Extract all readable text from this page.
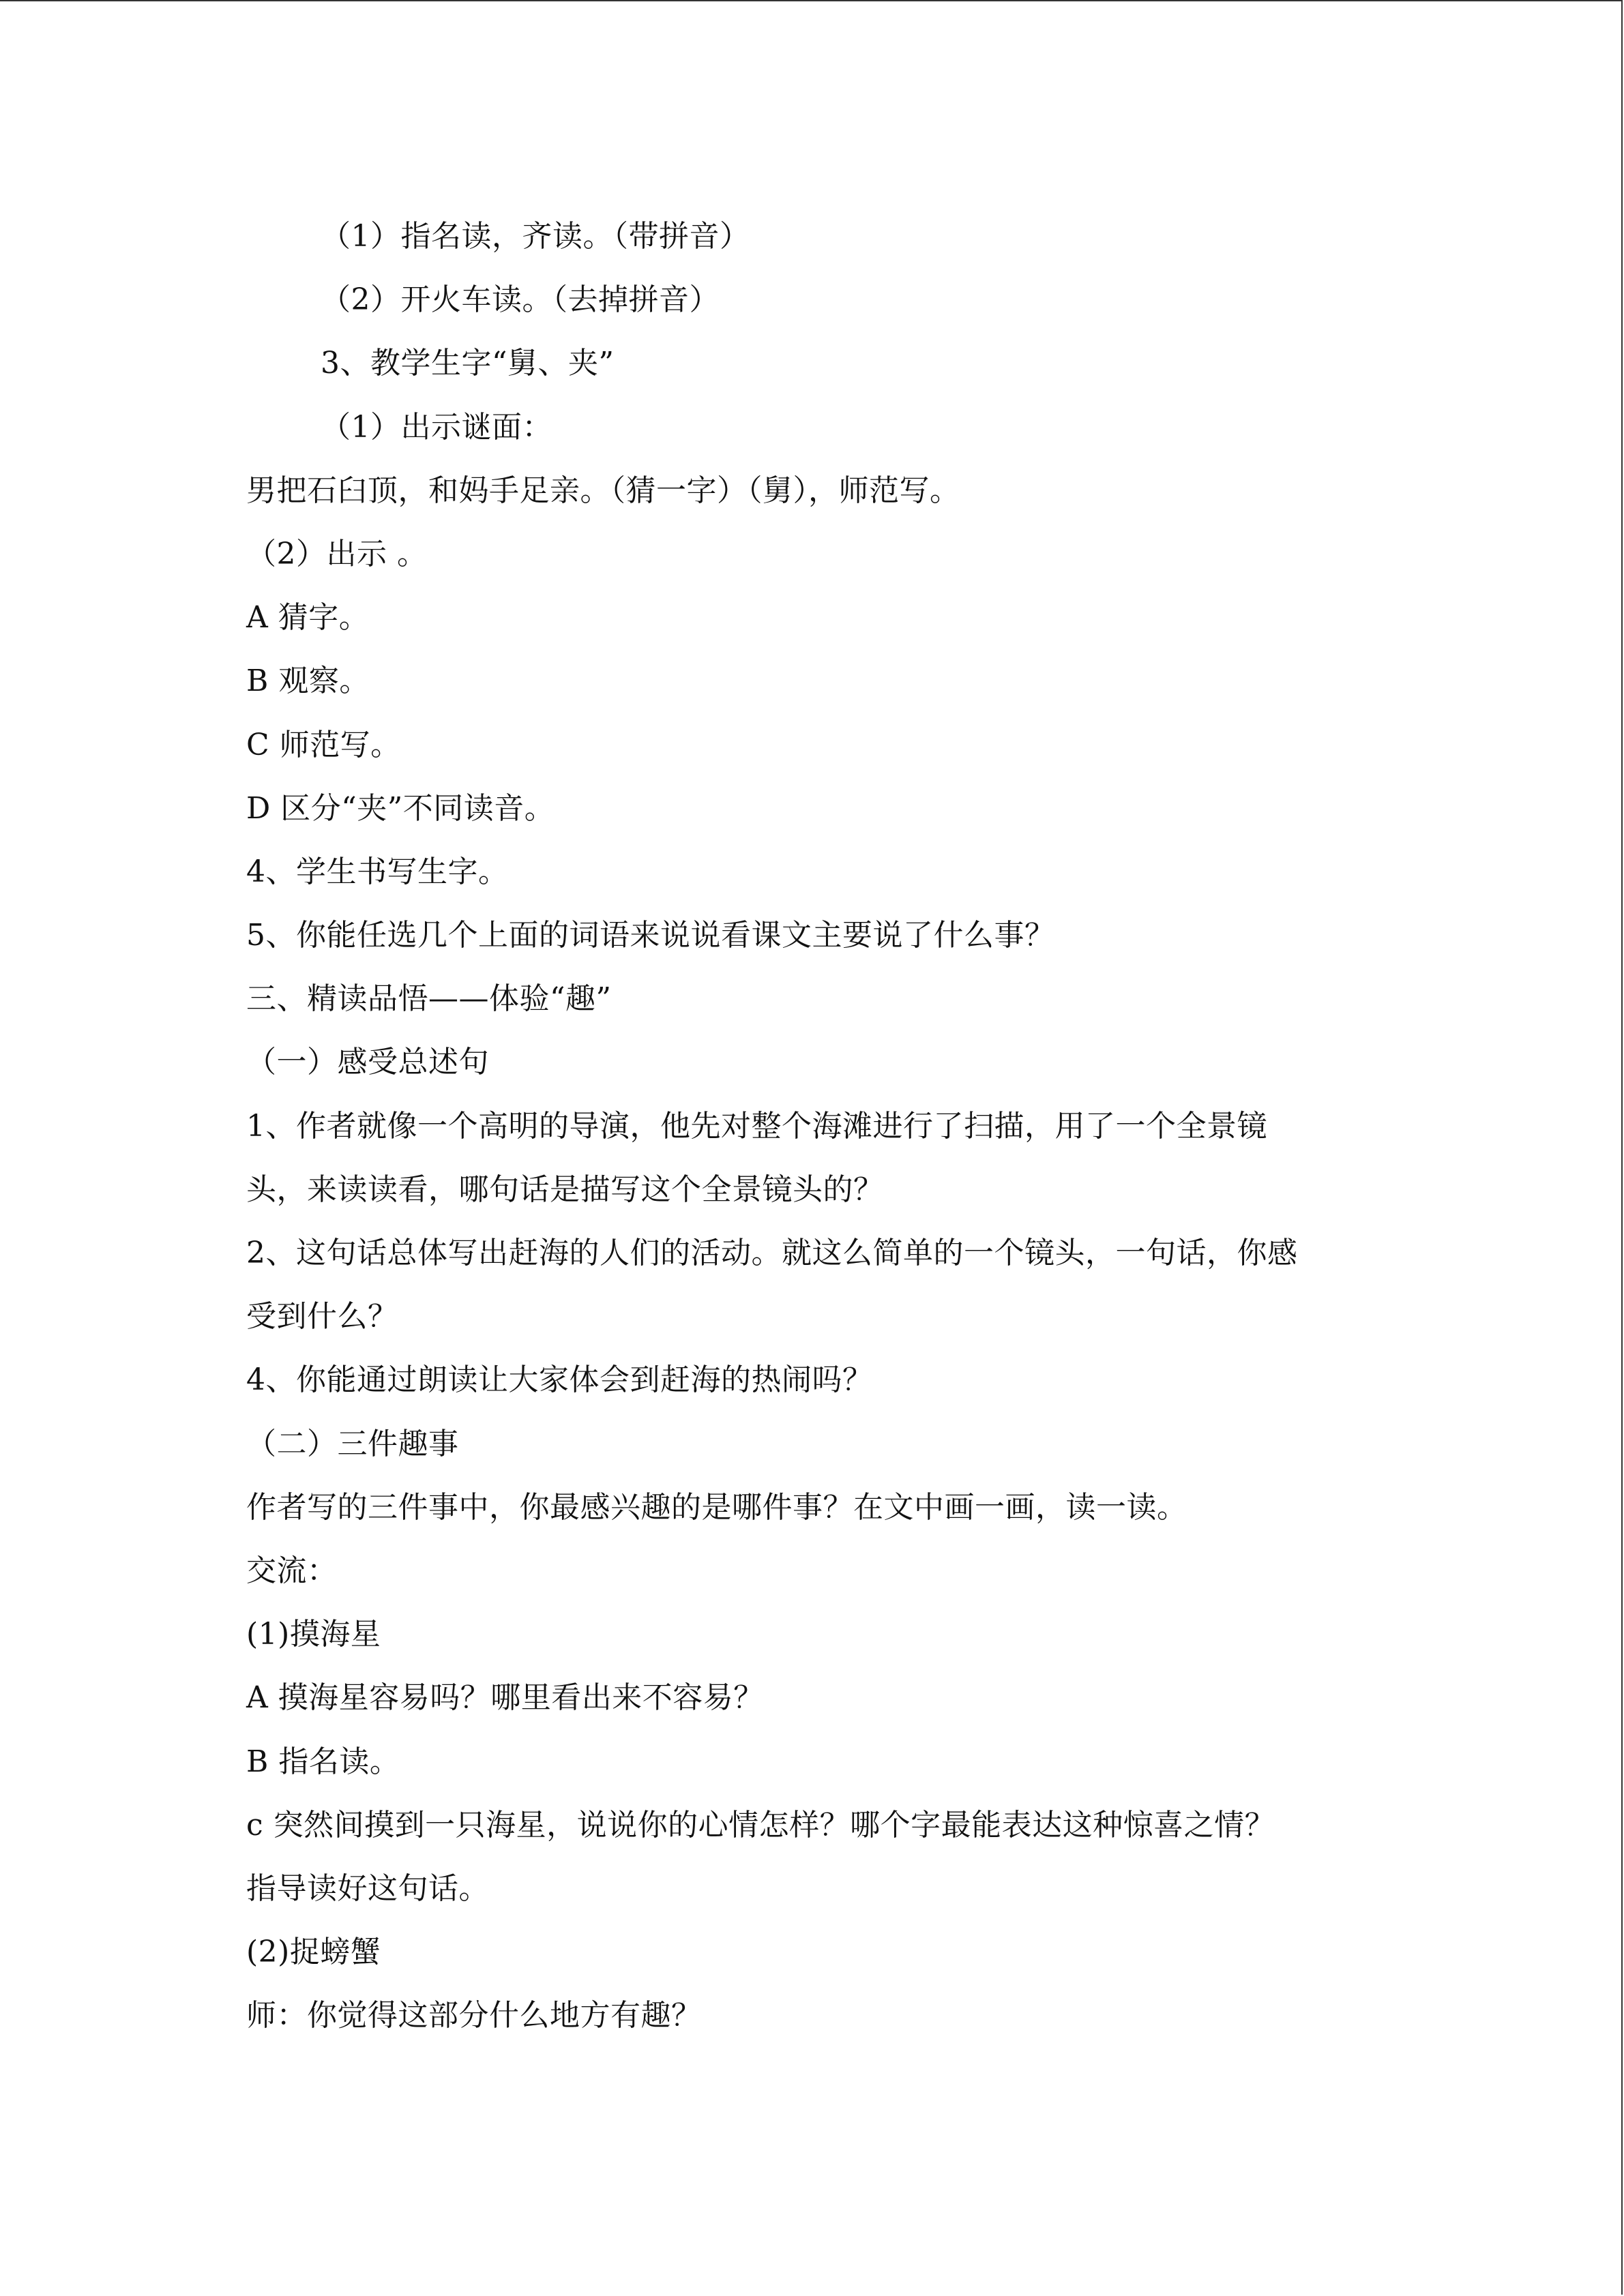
（1）指名读，齐读。（带拼音）
（2）开火车读。（去掉拼音）
3、教学生字“舅、夹”
（1）出示谜面：
男把石臼顶，和妈手足亲。（猜一字）（舅），师范写。
（2）出示 。
A 猜字。
B 观察。
C 师范写。
D 区分“夹”不同读音。
4、学生书写生字。
5、你能任选几个上面的词语来说说看课文主要说了什么事？
三、精读品悟——体验“趣”
（一）感受总述句
1、作者就像一个高明的导演，他先对整个海滩进行了扫描，用了一个全景镜
头，来读读看，哪句话是描写这个全景镜头的？
2、这句话总体写出赶海的人们的活动。就这么简单的一个镜头，一句话，你感
受到什么？
4、你能通过朗读让大家体会到赶海的热闹吗？
（二）三件趣事
作者写的三件事中，你最感兴趣的是哪件事？在文中画一画，读一读。
交流：
(1)摸海星
A 摸海星容易吗？哪里看出来不容易？
B 指名读。
c 突然间摸到一只海星，说说你的心情怎样？哪个字最能表达这种惊喜之情？
指导读好这句话。
(2)捉螃蟹
师：你觉得这部分什么地方有趣？
